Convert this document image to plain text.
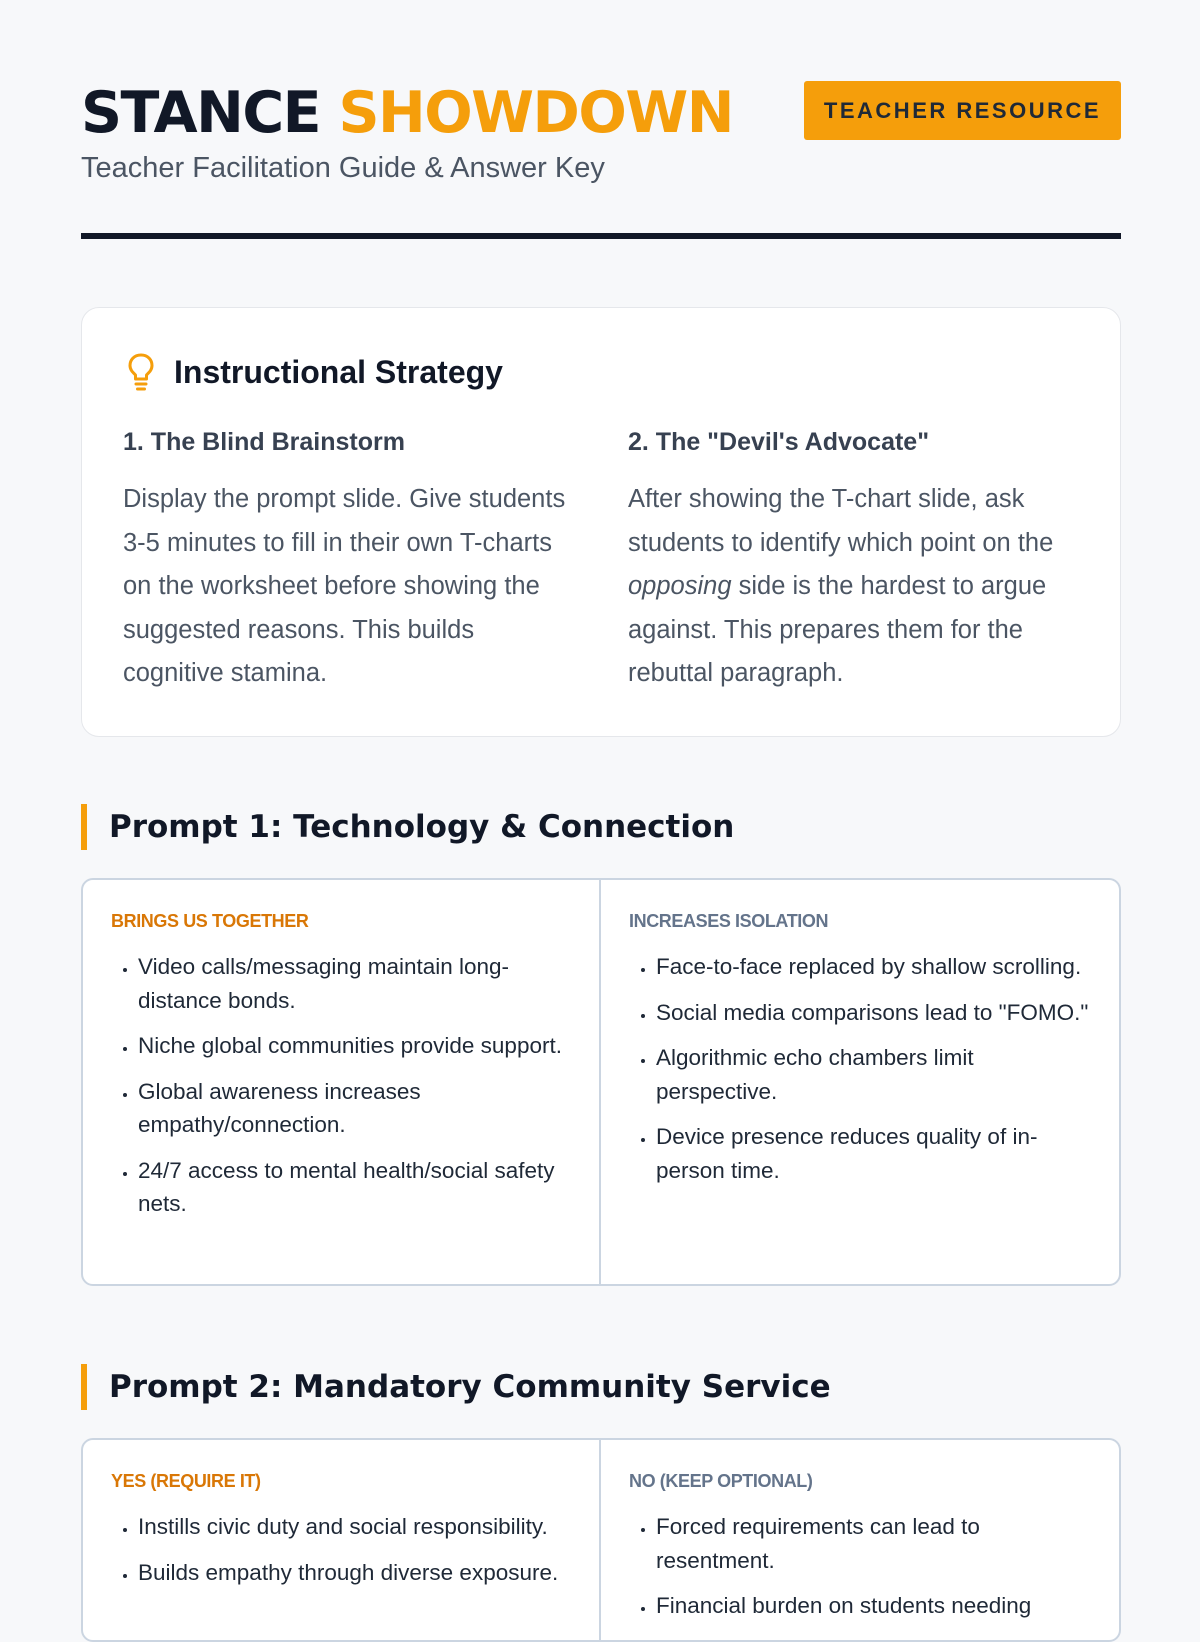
STANCE SHOWDOWN
Teacher Facilitation Guide & Answer Key
TEACHER RESOURCE
Instructional Strategy
1. The Blind Brainstorm

Display the prompt slide. Give students 3-5 minutes to fill in their own T-charts on the worksheet before showing the suggested reasons. This builds cognitive stamina.

2. The "Devil's Advocate"

After showing the T-chart slide, ask students to identify which point on the opposing side is the hardest to argue against. This prepares them for the rebuttal paragraph.

Prompt 1: Technology & Connection
BRINGS US TOGETHER
• Video calls/messaging maintain long-distance bonds.
• Niche global communities provide support.
• Global awareness increases empathy/connection.
• 24/7 access to mental health/social safety nets.
INCREASES ISOLATION
• Face-to-face replaced by shallow scrolling.
• Social media comparisons lead to "FOMO."
• Algorithmic echo chambers limit perspective.
• Device presence reduces quality of in-person time.
Prompt 2: Mandatory Community Service
YES (REQUIRE IT)
• Instills civic duty and social responsibility.
• Builds empathy through diverse exposure.
NO (KEEP OPTIONAL)
• Forced requirements can lead to resentment.
• Financial burden on students needing
